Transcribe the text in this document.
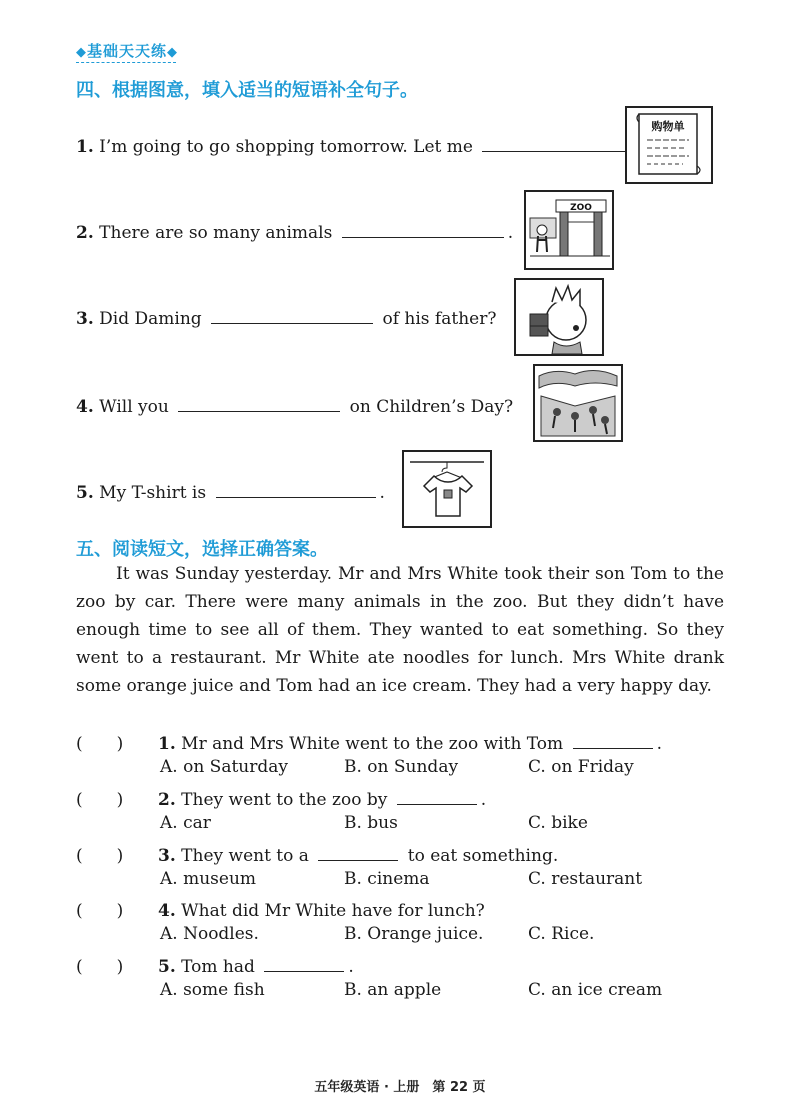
◆基础天天练◆
四、根据图意，填入适当的短语补全句子。
1. I’m going to go shopping tomorrow. Let me
2. There are so many animals	.
3. Did Daming	of his father?
4. Will you	on Children’s Day?
5. My T-shirt is	.
购物单
ZOO
五、阅读短文，选择正确答案。

It was Sunday yesterday. Mr and Mrs White took their son Tom to the zoo by car. There were many animals in the zoo. But they didn’t have enough time to see all of them. They wanted to eat something. So they went to a restaurant. Mr White ate noodles for lunch. Mrs White drank some orange juice and Tom had an ice cream. They had a very happy day.

(　　) 1. Mr and Mrs White went to the zoo with Tom	.
A. on Saturday	B. on Sunday	C. on Friday
(　　) 2. They went to the zoo by	.
A. car	B. bus	C. bike
(　　) 3. They went to a	to eat something.
A. museum	B. cinema	C. restaurant
(　　) 4. What did Mr White have for lunch?
A. Noodles.	B. Orange juice.	C. Rice.
(　　) 5. Tom had	.
A. some fish	B. an apple	C. an ice cream
五年级英语 · 上册　第 22 页
